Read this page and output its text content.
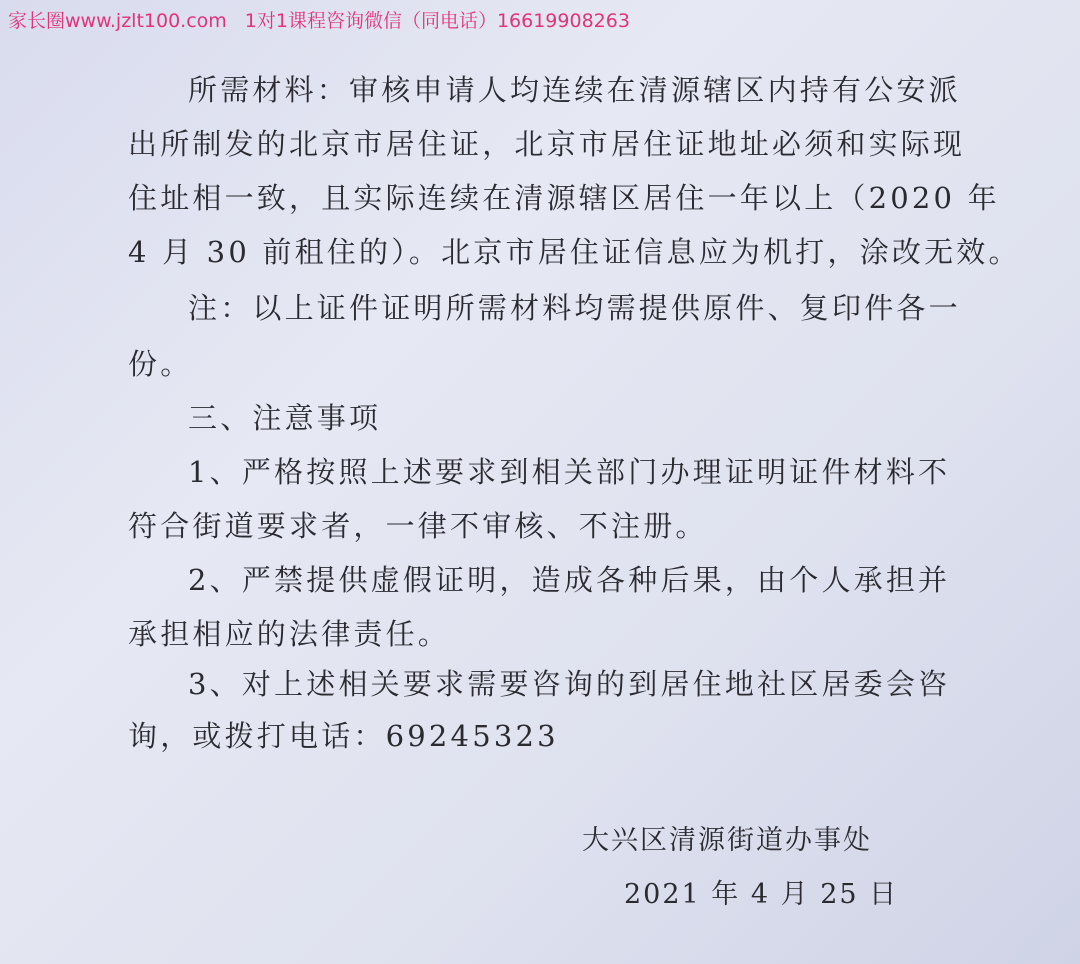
家长圈www.jzlt100.com 1对1课程咨询微信（同电话）16619908263
所需材料：审核申请人均连续在清源辖区内持有公安派
出所制发的北京市居住证，北京市居住证地址必须和实际现
住址相一致，且实际连续在清源辖区居住一年以上（2020 年
4 月 30 前租住的）。北京市居住证信息应为机打，涂改无效。
注：以上证件证明所需材料均需提供原件、复印件各一
份。
三、注意事项
1、严格按照上述要求到相关部门办理证明证件材料不
符合街道要求者，一律不审核、不注册。
2、严禁提供虚假证明，造成各种后果，由个人承担并
承担相应的法律责任。
3、对上述相关要求需要咨询的到居住地社区居委会咨
询，或拨打电话：69245323
大兴区清源街道办事处
2021 年 4 月 25 日
